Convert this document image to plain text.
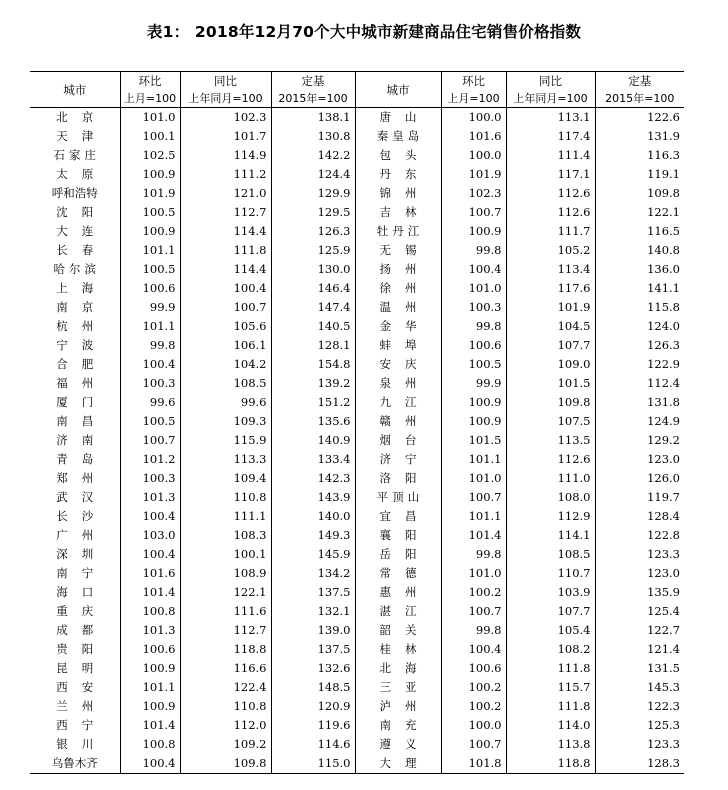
表1： 2018年12月70个大中城市新建商品住宅销售价格指数
城市	环比	同比	定基	城市	环比	同比	定基
	上月=100	上年同月=100	2015年=100		上月=100	上年同月=100	2015年=100
北京	101.0	102.3	138.1	唐山	100.0	113.1	122.6
天津	100.1	101.7	130.8	秦皇岛	101.6	117.4	131.9
石家庄	102.5	114.9	142.2	包头	100.0	111.4	116.3
太原	100.9	111.2	124.4	丹东	101.9	117.1	119.1
呼和浩特	101.9	121.0	129.9	锦州	102.3	112.6	109.8
沈阳	100.5	112.7	129.5	吉林	100.7	112.6	122.1
大连	100.9	114.4	126.3	牡丹江	100.9	111.7	116.5
长春	101.1	111.8	125.9	无锡	99.8	105.2	140.8
哈尔滨	100.5	114.4	130.0	扬州	100.4	113.4	136.0
上海	100.6	100.4	146.4	徐州	101.0	117.6	141.1
南京	99.9	100.7	147.4	温州	100.3	101.9	115.8
杭州	101.1	105.6	140.5	金华	99.8	104.5	124.0
宁波	99.8	106.1	128.1	蚌埠	100.6	107.7	126.3
合肥	100.4	104.2	154.8	安庆	100.5	109.0	122.9
福州	100.3	108.5	139.2	泉州	99.9	101.5	112.4
厦门	99.6	99.6	151.2	九江	100.9	109.8	131.8
南昌	100.5	109.3	135.6	赣州	100.9	107.5	124.9
济南	100.7	115.9	140.9	烟台	101.5	113.5	129.2
青岛	101.2	113.3	133.4	济宁	101.1	112.6	123.0
郑州	100.3	109.4	142.3	洛阳	101.0	111.0	126.0
武汉	101.3	110.8	143.9	平顶山	100.7	108.0	119.7
长沙	100.4	111.1	140.0	宜昌	101.1	112.9	128.4
广州	103.0	108.3	149.3	襄阳	101.4	114.1	122.8
深圳	100.4	100.1	145.9	岳阳	99.8	108.5	123.3
南宁	101.6	108.9	134.2	常德	101.0	110.7	123.0
海口	101.4	122.1	137.5	惠州	100.2	103.9	135.9
重庆	100.8	111.6	132.1	湛江	100.7	107.7	125.4
成都	101.3	112.7	139.0	韶关	99.8	105.4	122.7
贵阳	100.6	118.8	137.5	桂林	100.4	108.2	121.4
昆明	100.9	116.6	132.6	北海	100.6	111.8	131.5
西安	101.1	122.4	148.5	三亚	100.2	115.7	145.3
兰州	100.9	110.8	120.9	泸州	100.2	111.8	122.3
西宁	101.4	112.0	119.6	南充	100.0	114.0	125.3
银川	100.8	109.2	114.6	遵义	100.7	113.8	123.3
乌鲁木齐	100.4	109.8	115.0	大理	101.8	118.8	128.3
